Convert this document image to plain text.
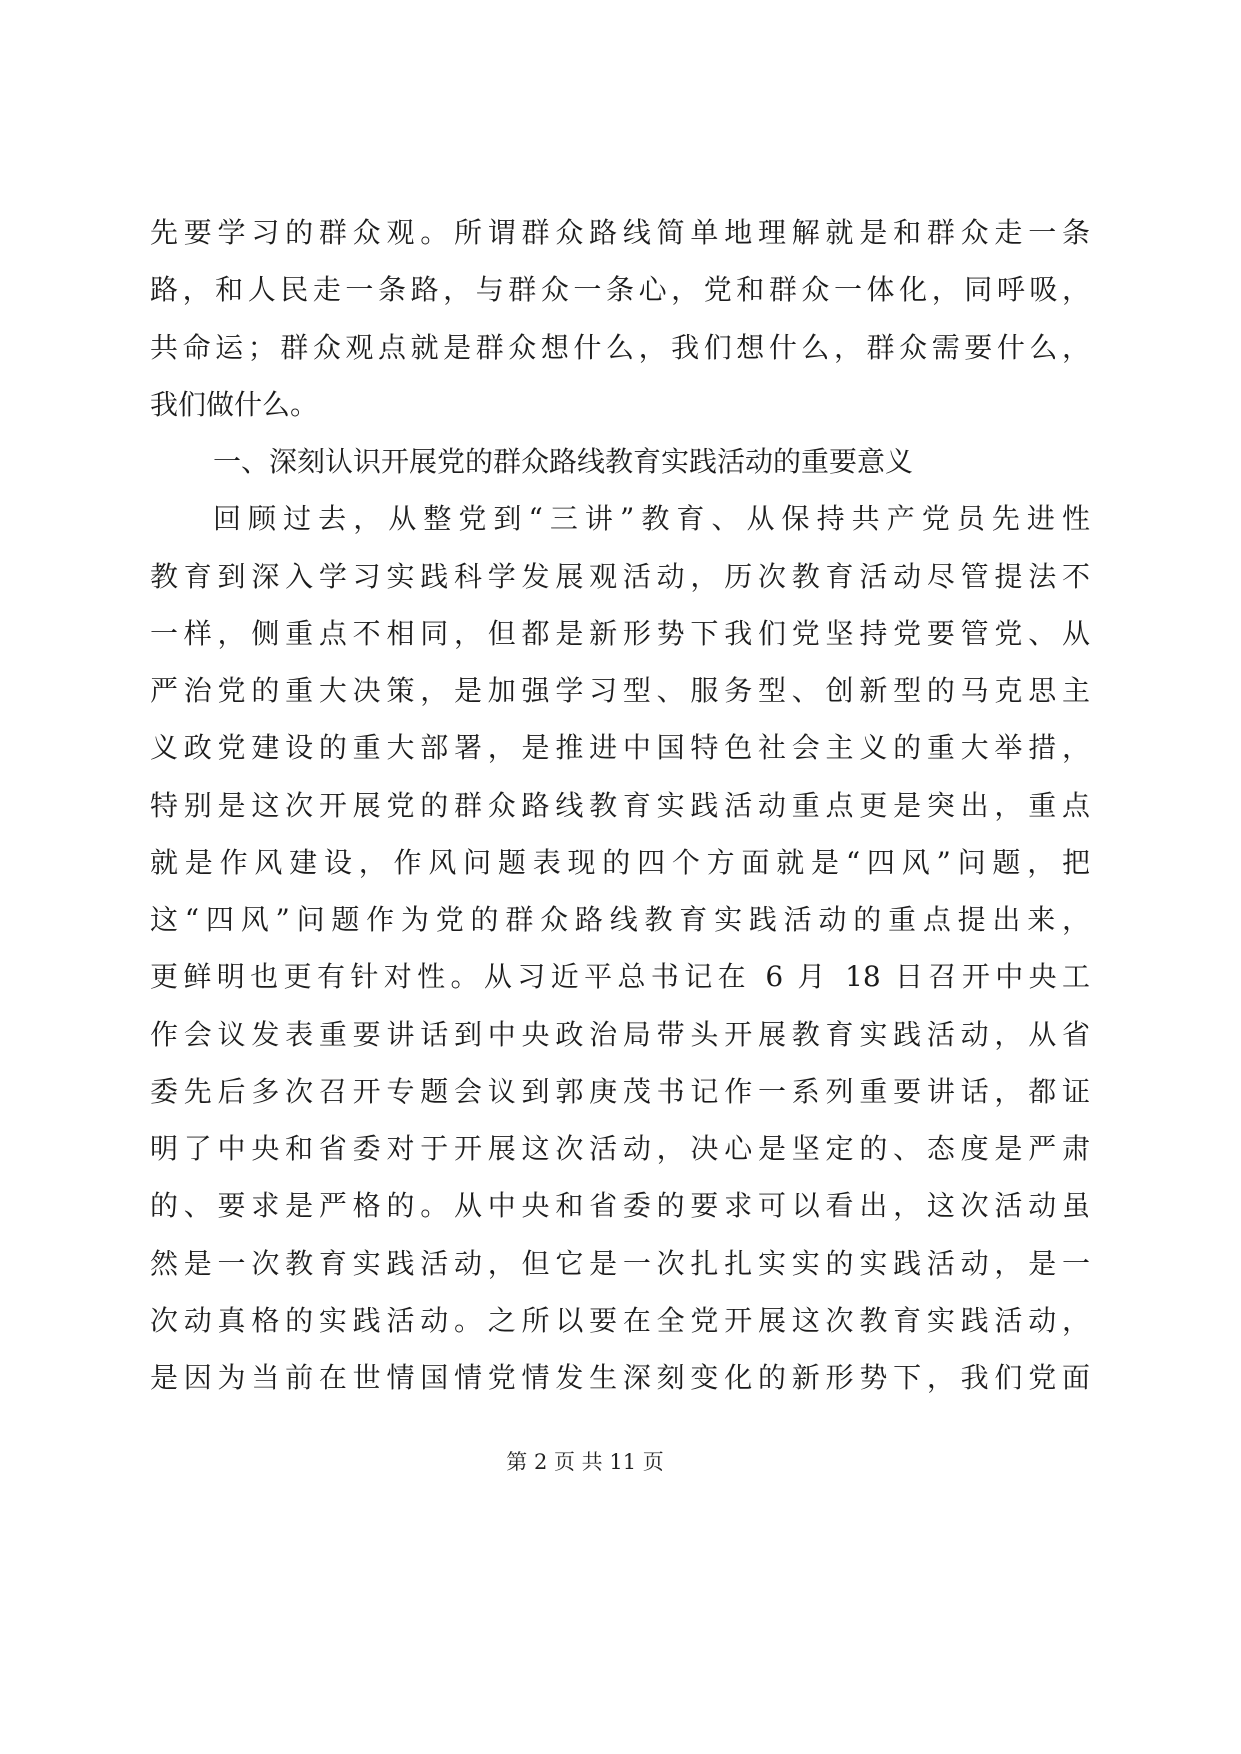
先要学习的群众观。所谓群众路线简单地理解就是和群众走一条
路，和人民走一条路，与群众一条心，党和群众一体化，同呼吸，
共命运；群众观点就是群众想什么，我们想什么，群众需要什么，
我们做什么。
一、深刻认识开展党的群众路线教育实践活动的重要意义
回顾过去，从整党到“三讲”教育、从保持共产党员先进性
教育到深入学习实践科学发展观活动，历次教育活动尽管提法不
一样，侧重点不相同，但都是新形势下我们党坚持党要管党、从
严治党的重大决策，是加强学习型、服务型、创新型的马克思主
义政党建设的重大部署，是推进中国特色社会主义的重大举措，
特别是这次开展党的群众路线教育实践活动重点更是突出，重点
就是作风建设，作风问题表现的四个方面就是“四风”问题，把
这“四风”问题作为党的群众路线教育实践活动的重点提出来，
更鲜明也更有针对性。从习近平总书记在 6 月 18 日召开中央工
作会议发表重要讲话到中央政治局带头开展教育实践活动，从省
委先后多次召开专题会议到郭庚茂书记作一系列重要讲话，都证
明了中央和省委对于开展这次活动，决心是坚定的、态度是严肃
的、要求是严格的。从中央和省委的要求可以看出，这次活动虽
然是一次教育实践活动，但它是一次扎扎实实的实践活动，是一
次动真格的实践活动。之所以要在全党开展这次教育实践活动，
是因为当前在世情国情党情发生深刻变化的新形势下，我们党面
第 2 页 共 11 页
